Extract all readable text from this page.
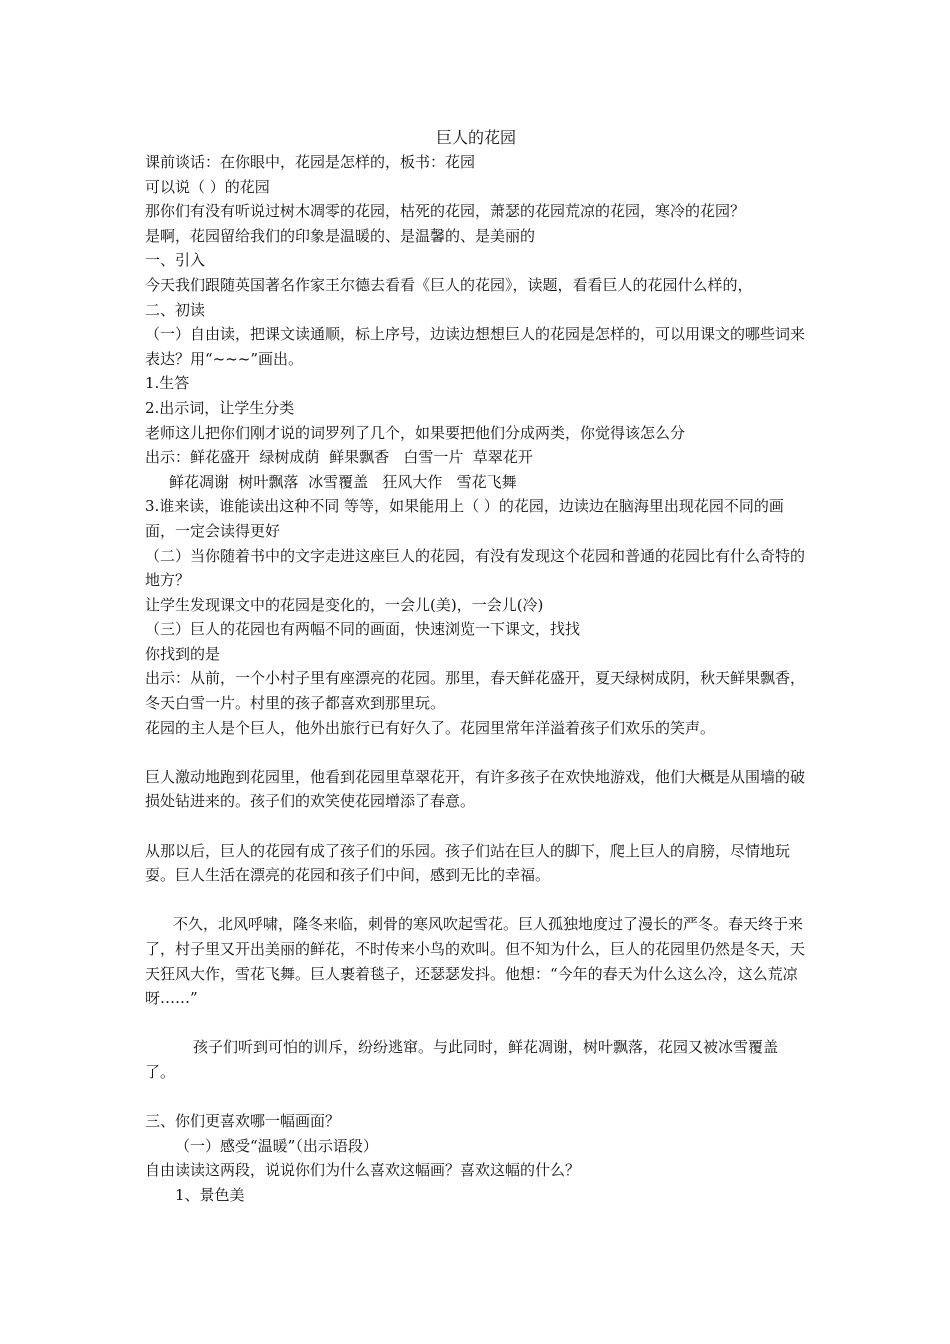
巨人的花园
课前谈话：在你眼中，花园是怎样的，板书：花园
可以说（ ）的花园
那你们有没有听说过树木凋零的花园，枯死的花园，萧瑟的花园荒凉的花园，寒冷的花园？
是啊，花园留给我们的印象是温暖的、是温馨的、是美丽的
一、引入
今天我们跟随英国著名作家王尔德去看看《巨人的花园》，读题，看看巨人的花园什么样的，
二、初读
（一）自由读，把课文读通顺，标上序号，边读边想想巨人的花园是怎样的，可以用课文的哪些词来表达？用“~~~”画出。
1.生答
2.出示词，让学生分类
老师这儿把你们刚才说的词罗列了几个，如果要把他们分成两类，你觉得该怎么分
出示：鲜花盛开  绿树成荫  鲜果飘香   白雪一片  草翠花开
鲜花凋谢  树叶飘落  冰雪覆盖   狂风大作   雪花飞舞
3.谁来读，谁能读出这种不同 等等，如果能用上（ ）的花园，边读边在脑海里出现花园不同的画面，一定会读得更好
（二）当你随着书中的文字走进这座巨人的花园，有没有发现这个花园和普通的花园比有什么奇特的地方？
让学生发现课文中的花园是变化的，一会儿(美)，一会儿(冷)
（三）巨人的花园也有两幅不同的画面，快速浏览一下课文，找找
你找到的是
出示：从前，一个小村子里有座漂亮的花园。那里，春天鲜花盛开，夏天绿树成阴，秋天鲜果飘香，冬天白雪一片。村里的孩子都喜欢到那里玩。
花园的主人是个巨人，他外出旅行已有好久了。花园里常年洋溢着孩子们欢乐的笑声。
巨人激动地跑到花园里，他看到花园里草翠花开，有许多孩子在欢快地游戏，他们大概是从围墙的破损处钻进来的。孩子们的欢笑使花园增添了春意。
从那以后，巨人的花园有成了孩子们的乐园。孩子们站在巨人的脚下，爬上巨人的肩膀，尽情地玩耍。巨人生活在漂亮的花园和孩子们中间，感到无比的幸福。
不久，北风呼啸，隆冬来临，刺骨的寒风吹起雪花。巨人孤独地度过了漫长的严冬。春天终于来了，村子里又开出美丽的鲜花，不时传来小鸟的欢叫。但不知为什么，巨人的花园里仍然是冬天，天天狂风大作，雪花飞舞。巨人裹着毯子，还瑟瑟发抖。他想：“今年的春天为什么这么冷，这么荒凉呀……”
孩子们听到可怕的训斥，纷纷逃窜。与此同时，鲜花凋谢，树叶飘落，花园又被冰雪覆盖了。
三、你们更喜欢哪一幅画面？
（一）感受“温暖”（出示语段）
自由读读这两段，说说你们为什么喜欢这幅画？喜欢这幅的什么？
1、景色美
